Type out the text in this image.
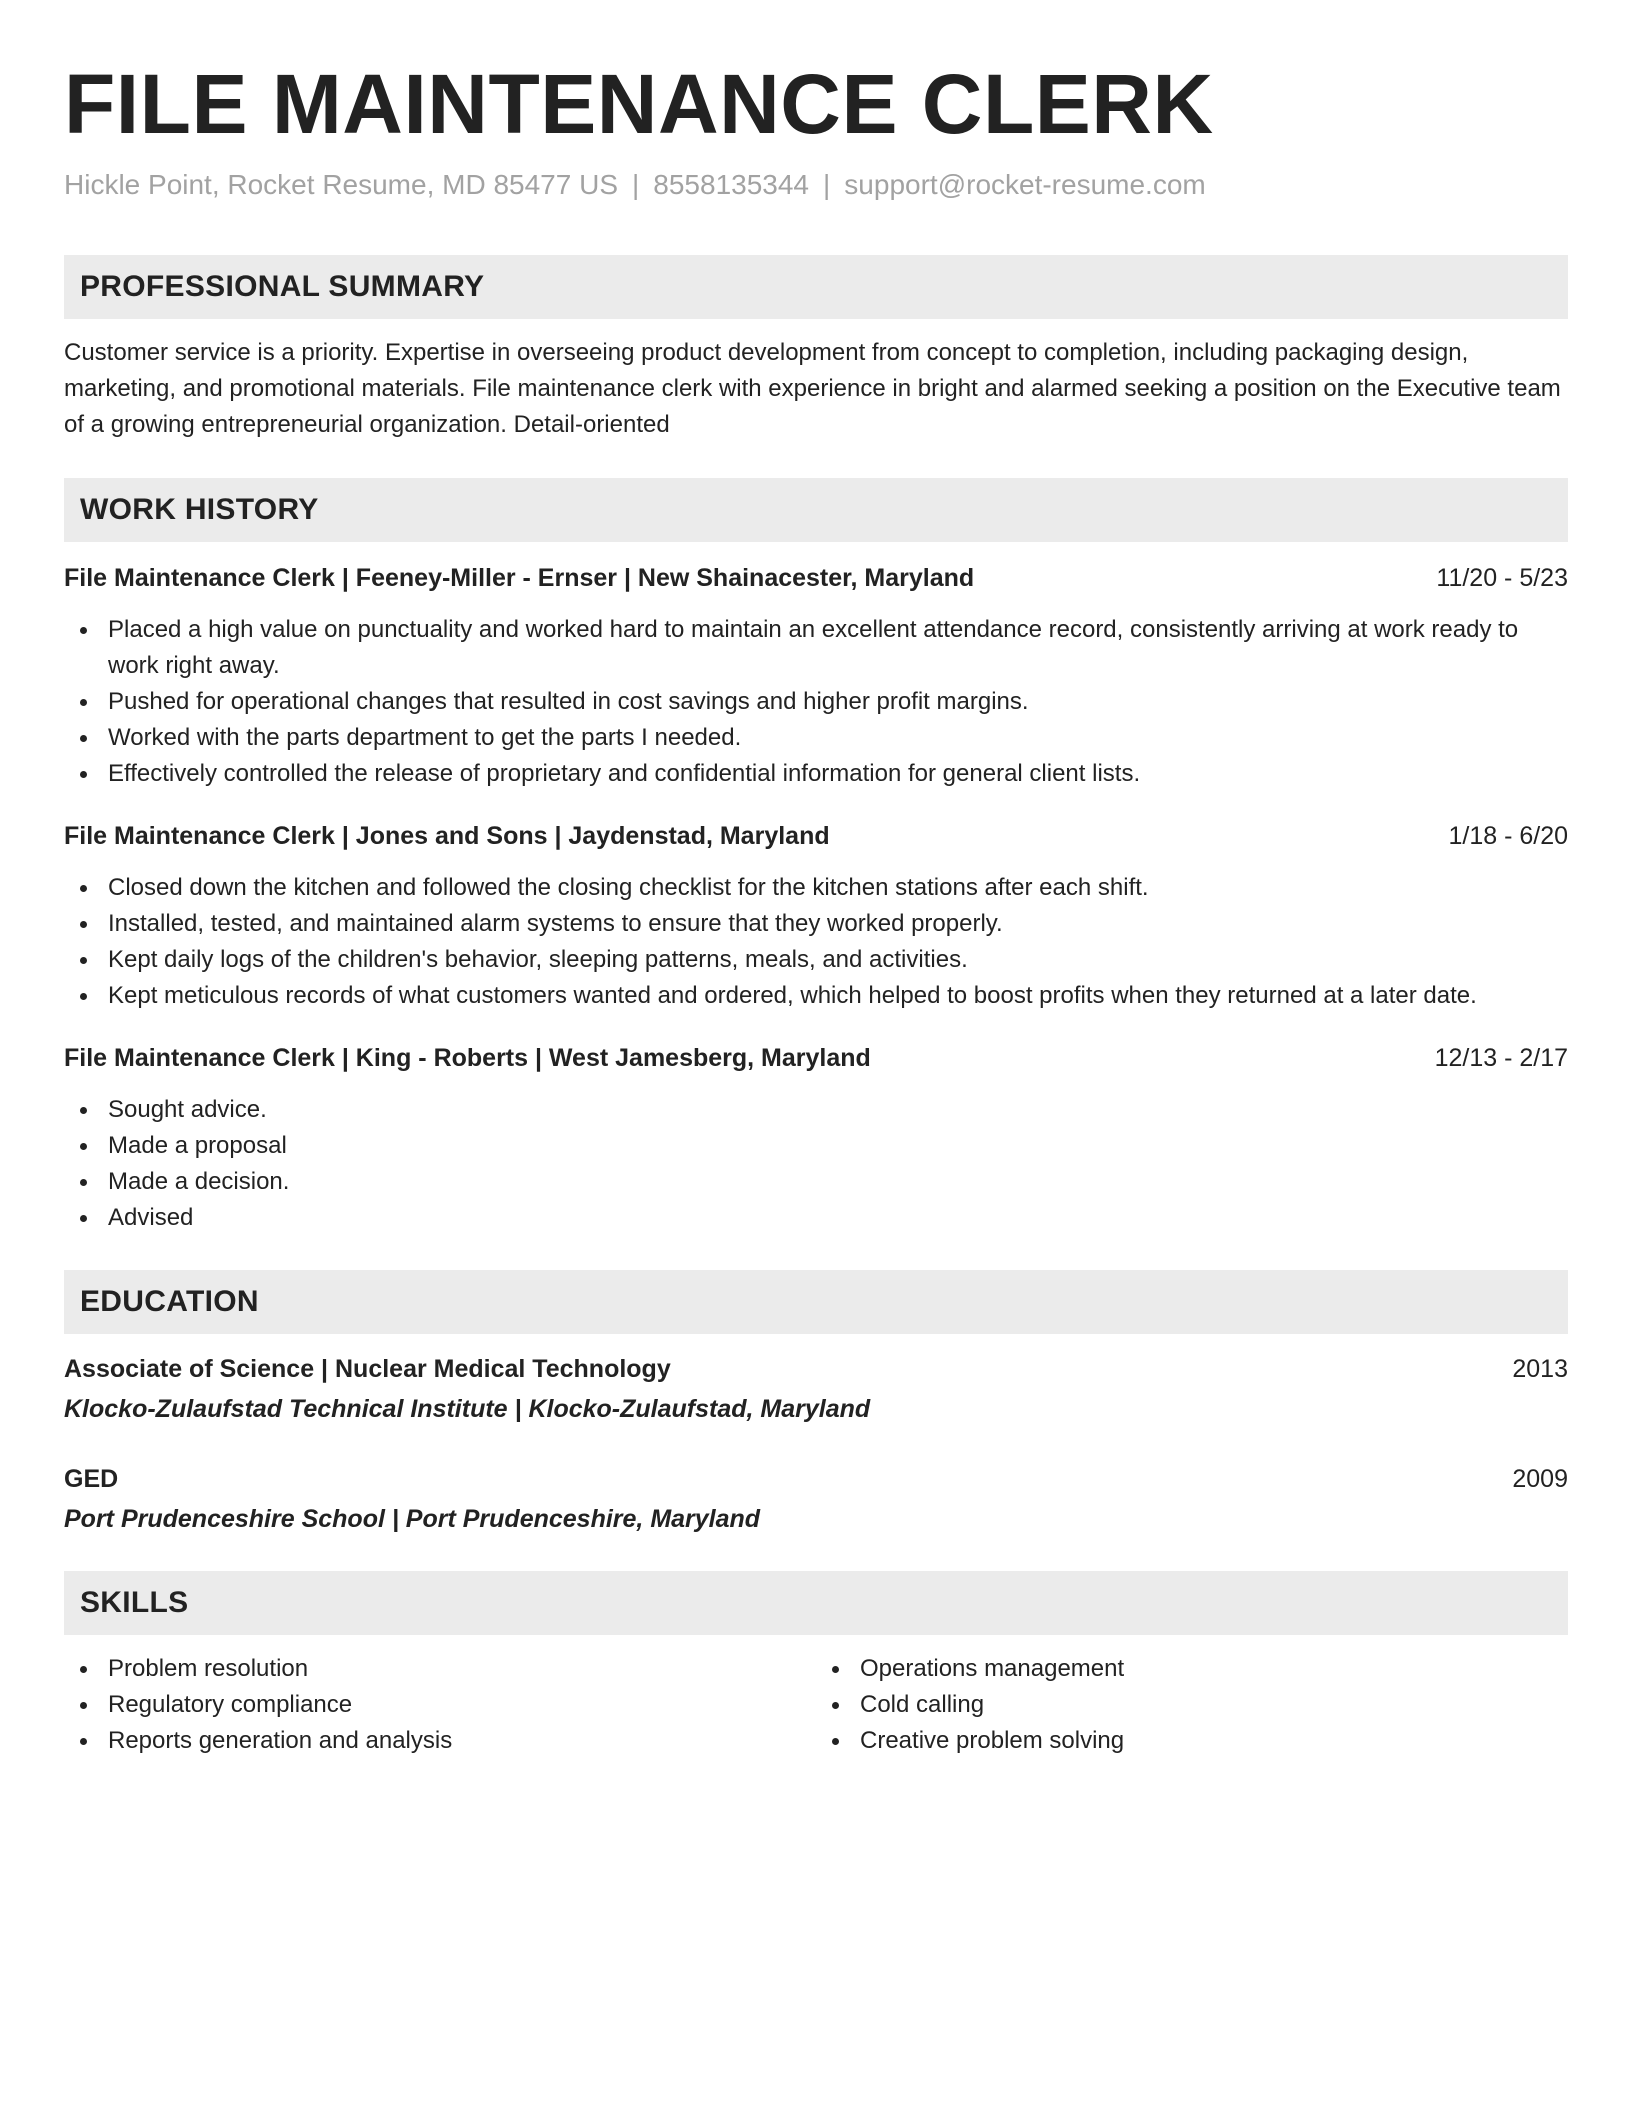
FILE MAINTENANCE CLERK
Hickle Point, Rocket Resume, MD 85477 US | 8558135344 | support@rocket-resume.com
PROFESSIONAL SUMMARY
Customer service is a priority. Expertise in overseeing product development from concept to completion, including packaging design, marketing, and promotional materials. File maintenance clerk with experience in bright and alarmed seeking a position on the Executive team of a growing entrepreneurial organization. Detail-oriented
WORK HISTORY
File Maintenance Clerk | Feeney-Miller - Ernser | New Shainacester, Maryland	11/20 - 5/23
Placed a high value on punctuality and worked hard to maintain an excellent attendance record, consistently arriving at work ready to work right away.
Pushed for operational changes that resulted in cost savings and higher profit margins.
Worked with the parts department to get the parts I needed.
Effectively controlled the release of proprietary and confidential information for general client lists.
File Maintenance Clerk | Jones and Sons | Jaydenstad, Maryland	1/18 - 6/20
Closed down the kitchen and followed the closing checklist for the kitchen stations after each shift.
Installed, tested, and maintained alarm systems to ensure that they worked properly.
Kept daily logs of the children's behavior, sleeping patterns, meals, and activities.
Kept meticulous records of what customers wanted and ordered, which helped to boost profits when they returned at a later date.
File Maintenance Clerk | King - Roberts | West Jamesberg, Maryland	12/13 - 2/17
Sought advice.
Made a proposal
Made a decision.
Advised
EDUCATION
Associate of Science | Nuclear Medical Technology	2013
Klocko-Zulaufstad Technical Institute | Klocko-Zulaufstad, Maryland
GED	2009
Port Prudenceshire School | Port Prudenceshire, Maryland
SKILLS
Problem resolution
Regulatory compliance
Reports generation and analysis
Operations management
Cold calling
Creative problem solving
